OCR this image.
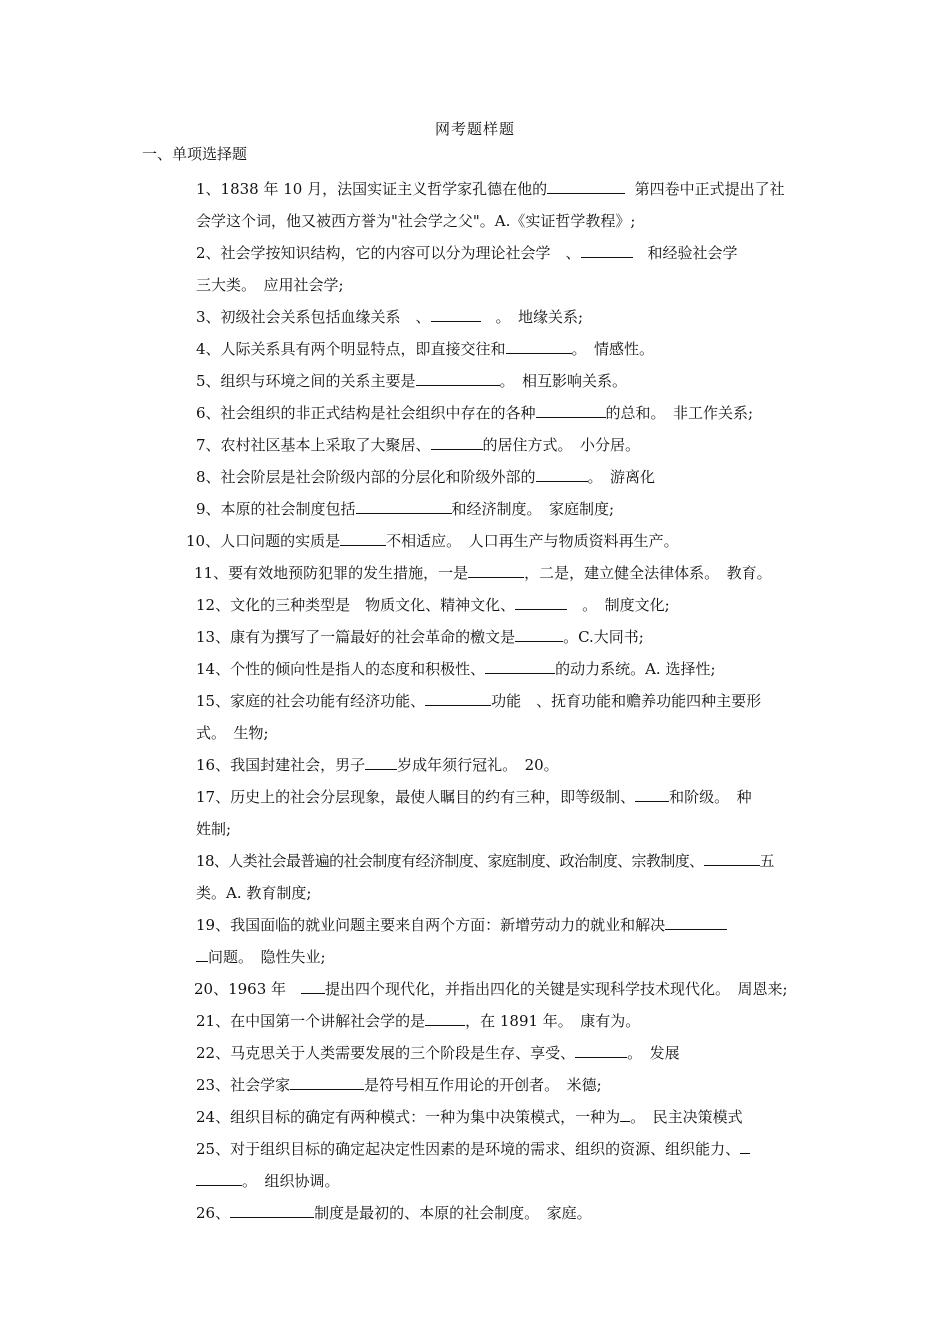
网考题样题
一、单项选择题

1、1838 年 10 月，法国实证主义哲学家孔德在他的	第四卷中正式提出了社

会学这个词，他又被西方誉为"社会学之父"。A.《实证哲学教程》;

2、社会学按知识结构，它的内容可以分为理论社会学　、	　和经验社会学

三大类。　应用社会学;

3、初级社会关系包括血缘关系　、	　。　地缘关系;

4、人际关系具有两个明显特点，即直接交往和	。　情感性。

5、组织与环境之间的关系主要是	。　相互影响关系。

6、社会组织的非正式结构是社会组织中存在的各种	的总和。　非工作关系;

7、农村社区基本上采取了大聚居、	的居住方式。　小分居。

8、社会阶层是社会阶级内部的分层化和阶级外部的	。　游离化

9、本原的社会制度包括	和经济制度。　家庭制度;

10、人口问题的实质是	不相适应。　人口再生产与物质资料再生产。

11、要有效地预防犯罪的发生措施，一是	，二是，建立健全法律体系。　教育。

12、文化的三种类型是　物质文化、精神文化、	　。　制度文化;

13、康有为撰写了一篇最好的社会革命的檄文是	。C.大同书;

14、个性的倾向性是指人的态度和积极性、	的动力系统。A. 选择性;

15、家庭的社会功能有经济功能、	功能　、抚育功能和赡养功能四种主要形

式。　生物;

16、我国封建社会，男子 岁成年须行冠礼。　20。

17、历史上的社会分层现象，最使人瞩目的约有三种，即等级制、 和阶级。　种

姓制;

18、人类社会最普遍的社会制度有经济制度、家庭制度、政治制度、宗教制度、	五

类。A. 教育制度;

19、我国面临的就业问题主要来自两个方面：新增劳动力的就业和解决

问题。　隐性失业;

20、1963 年　提出四个现代化，并指出四化的关键是实现科学技术现代化。　周恩来;

21、在中国第一个讲解社会学的是	，在 1891 年。　康有为。

22、马克思关于人类需要发展的三个阶段是生存、享受、	。　发展

23、社会学家	是符号相互作用论的开创者。　米德;

24、组织目标的确定有两种模式：一种为集中决策模式，一种为 。　民主决策模式

25、对于组织目标的确定起决定性因素的是环境的需求、组织的资源、组织能力、

。　组织协调。

26、	制度是最初的、本原的社会制度。　家庭。
